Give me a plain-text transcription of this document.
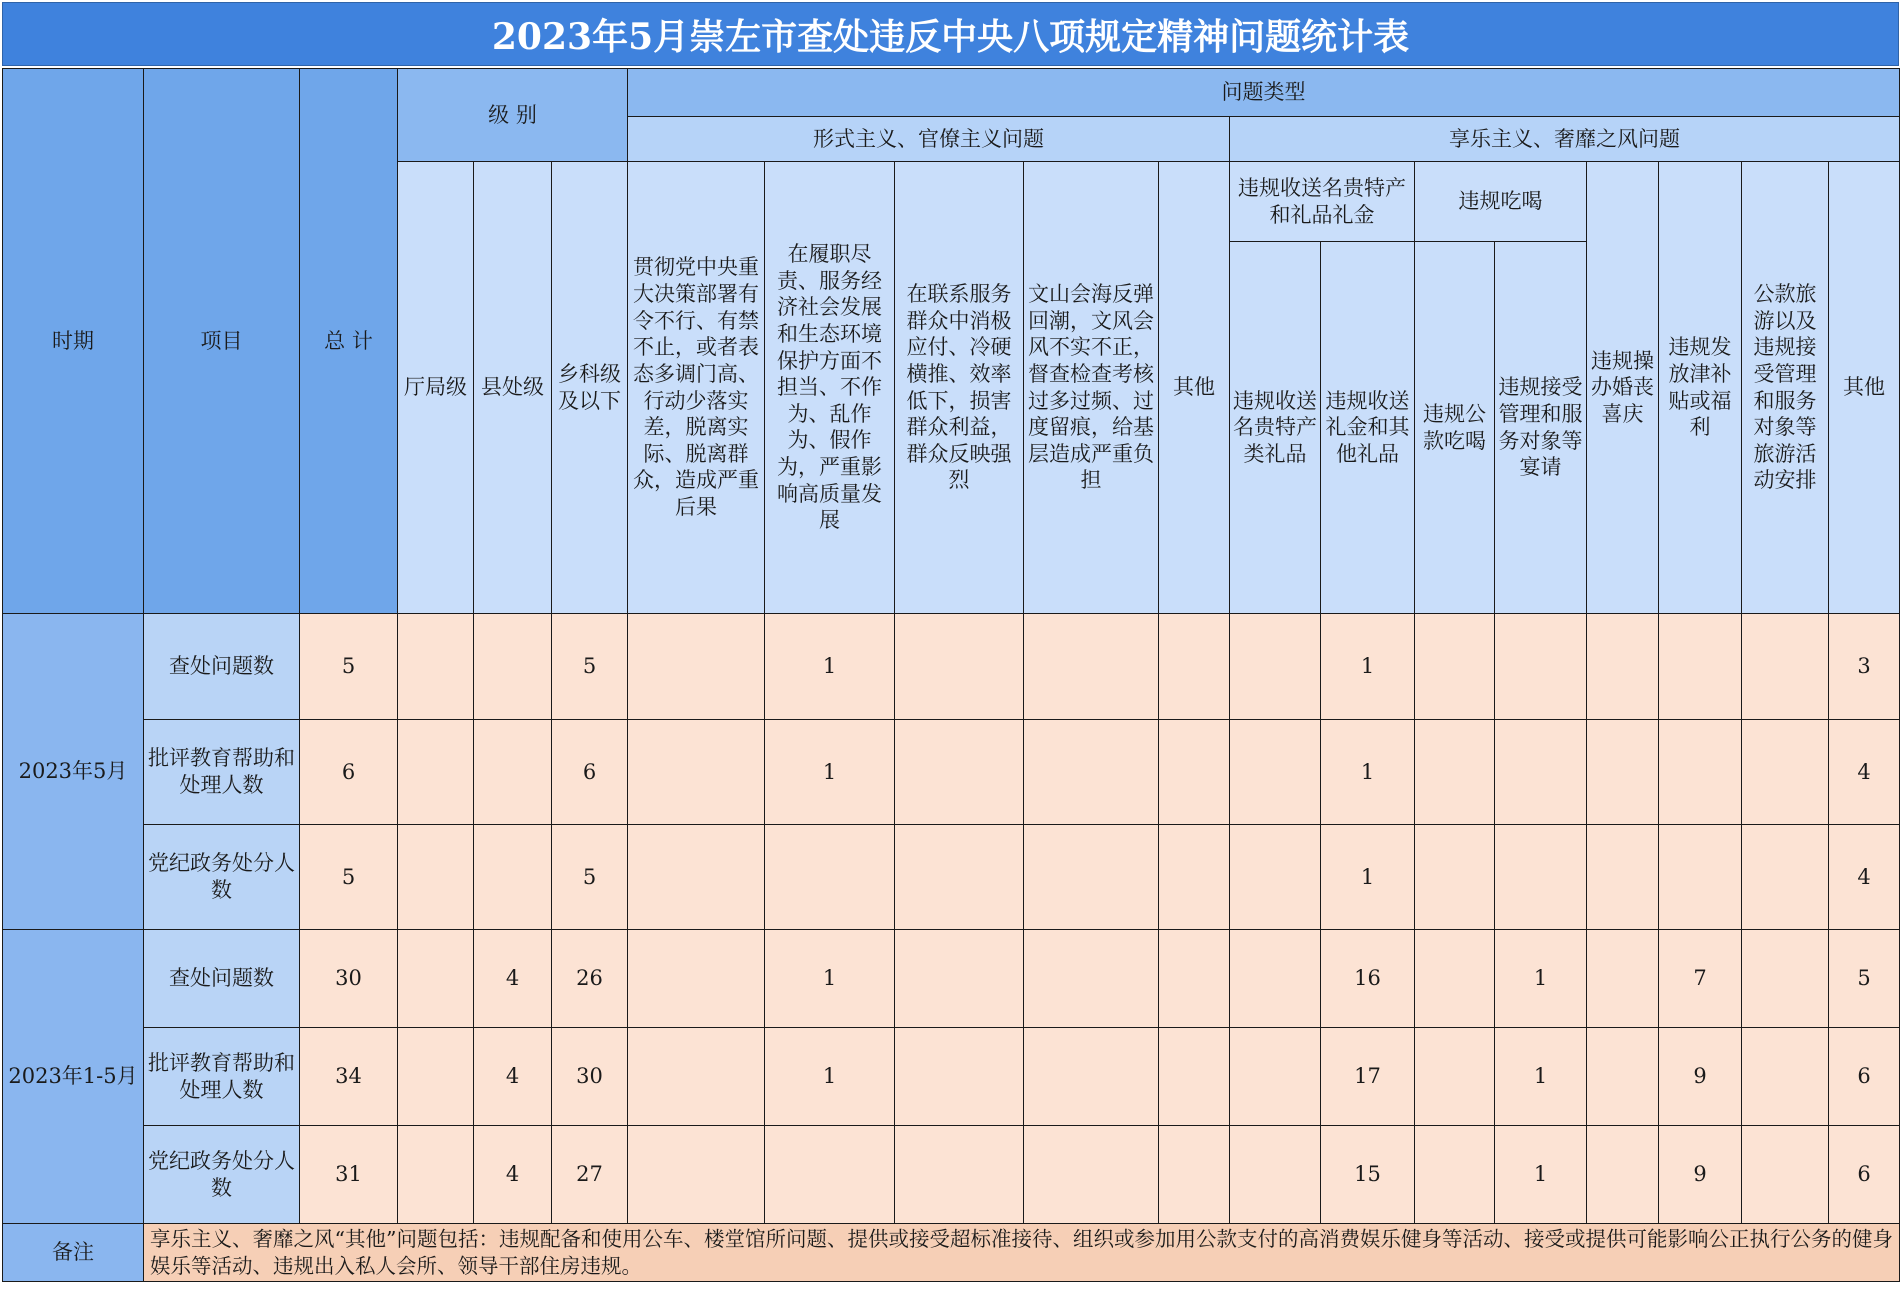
2023年5月崇左市查处违反中央八项规定精神问题统计表
时期	项目	总 计	级 别			问题类型												
						形式主义、官僚主义问题					享乐主义、奢靡之风问题							
			厅局级	县处级	乡科级及以下	贯彻党中央重大决策部署有令不行、有禁不止，或者表态多调门高、行动少落实差，脱离实际、脱离群众，造成严重后果	在履职尽责、服务经济社会发展和生态环境保护方面不担当、不作为、乱作为、假作为，严重影响高质量发展	在联系服务群众中消极应付、冷硬横推、效率低下，损害群众利益，群众反映强烈	文山会海反弹回潮，文风会风不实不正，督查检查考核过多过频、过度留痕，给基层造成严重负担	其他	违规收送名贵特产和礼品礼金		违规吃喝		违规操办婚丧喜庆	违规发放津补贴或福利	公款旅游以及违规接受管理和服务对象等旅游活动安排	其他
											违规收送名贵特产类礼品	违规收送礼金和其他礼品	违规公款吃喝	违规接受管理和服务对象等宴请				
2023年5月	查处问题数	5			5		1					1						3
	批评教育帮助和处理人数	6			6		1					1						4
	党纪政务处分人数	5			5							1						4
2023年1-5月	查处问题数	30		4	26		1					16		1		7		5
	批评教育帮助和处理人数	34		4	30		1					17		1		9		6
	党纪政务处分人数	31		4	27							15		1		9		6
备注	享乐主义、奢靡之风“其他”问题包括：违规配备和使用公车、楼堂馆所问题、提供或接受超标准接待、组织或参加用公款支付的高消费娱乐健身等活动、接受或提供可能影响公正执行公务的健身娱乐等活动、违规出入私人会所、领导干部住房违规。																	
